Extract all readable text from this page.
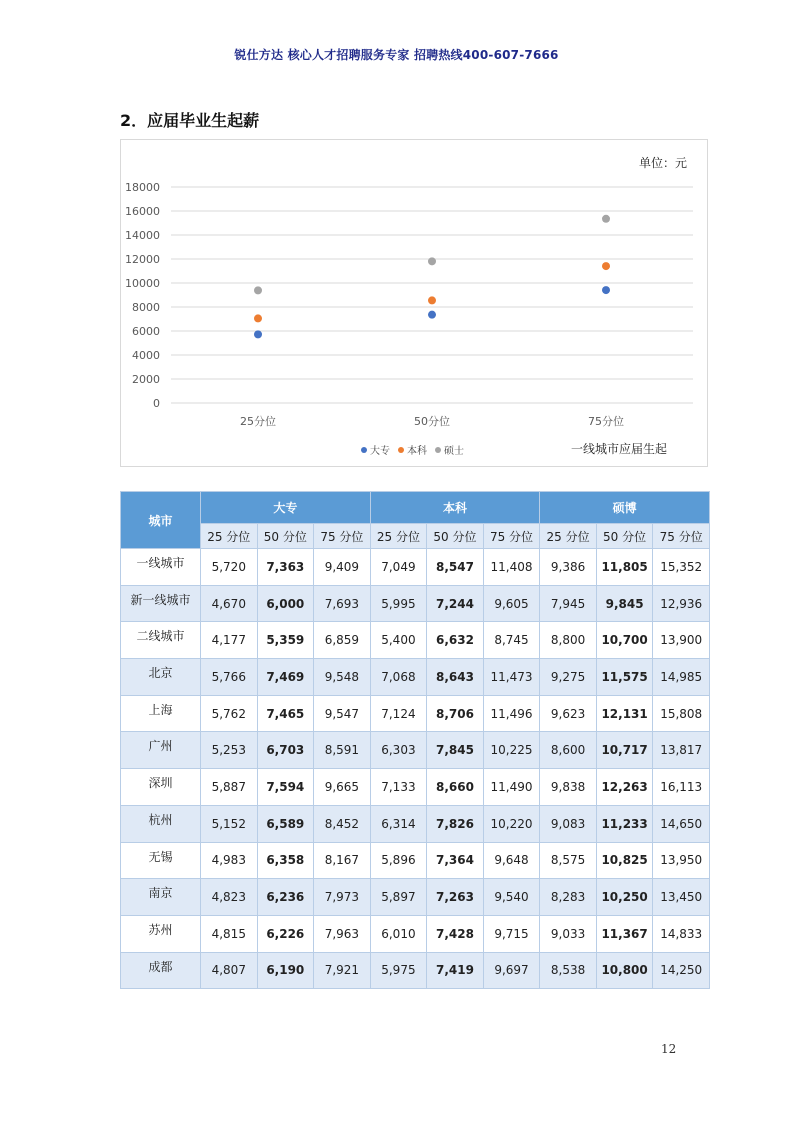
锐仕方达 核心人才招聘服务专家 招聘热线400-607-7666
2．应届毕业生起薪
0
2000
4000
6000
8000
10000
12000
14000
16000
18000
25分位	50分位	75分位
单位：元
大专 本科 硕士	一线城市应届生起
城市	大专			本科			硕博		
	25 分位	50 分位	75 分位	25 分位	50 分位	75 分位	25 分位	50 分位	75 分位
一线城市	5,720	7,363	9,409	7,049	8,547	11,408	9,386	11,805	15,352
新一线城市	4,670	6,000	7,693	5,995	7,244	9,605	7,945	9,845	12,936
二线城市	4,177	5,359	6,859	5,400	6,632	8,745	8,800	10,700	13,900
北京	5,766	7,469	9,548	7,068	8,643	11,473	9,275	11,575	14,985
上海	5,762	7,465	9,547	7,124	8,706	11,496	9,623	12,131	15,808
广州	5,253	6,703	8,591	6,303	7,845	10,225	8,600	10,717	13,817
深圳	5,887	7,594	9,665	7,133	8,660	11,490	9,838	12,263	16,113
杭州	5,152	6,589	8,452	6,314	7,826	10,220	9,083	11,233	14,650
无锡	4,983	6,358	8,167	5,896	7,364	9,648	8,575	10,825	13,950
南京	4,823	6,236	7,973	5,897	7,263	9,540	8,283	10,250	13,450
苏州	4,815	6,226	7,963	6,010	7,428	9,715	9,033	11,367	14,833
成都	4,807	6,190	7,921	5,975	7,419	9,697	8,538	10,800	14,250
12
